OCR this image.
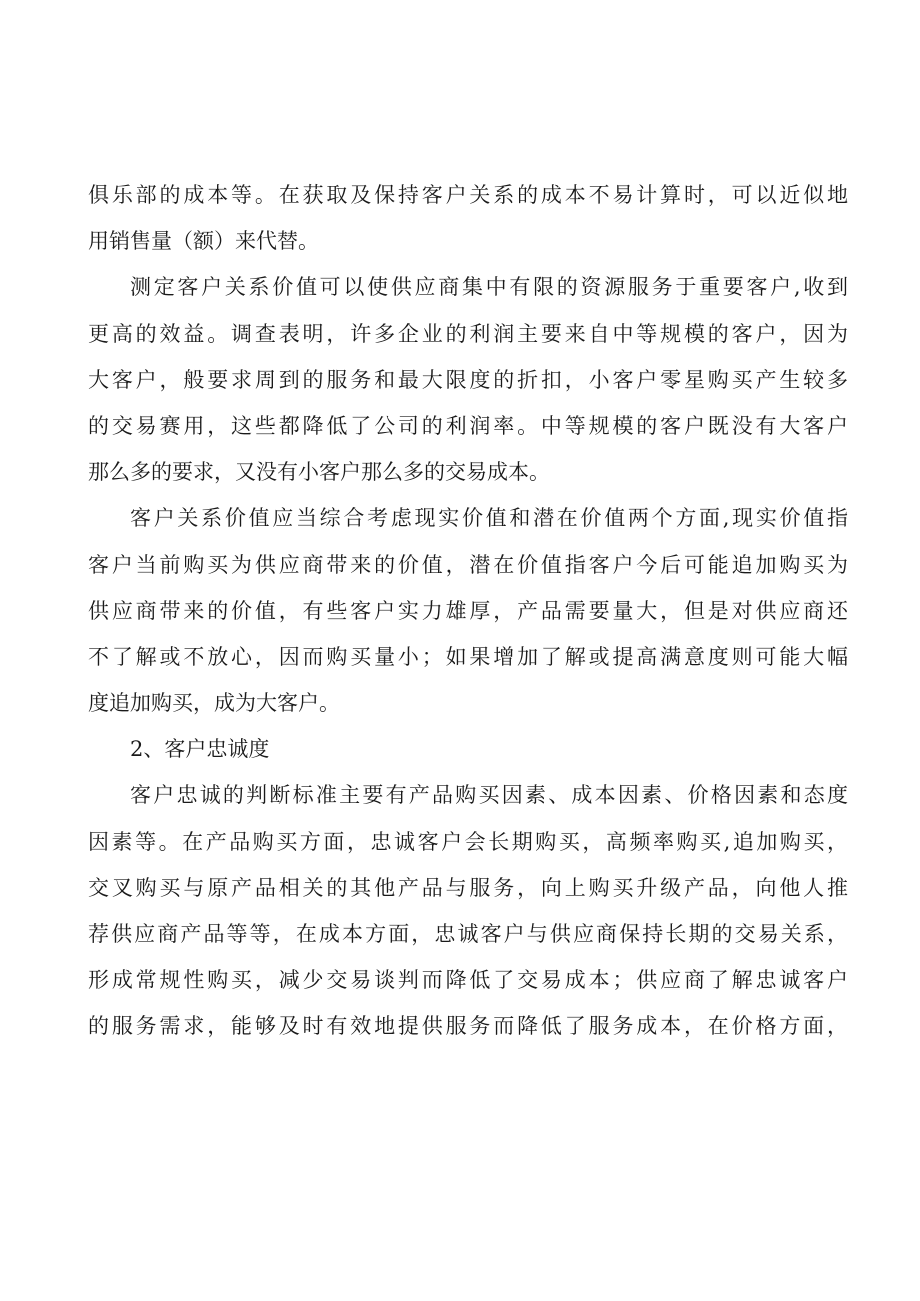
俱乐部的成本等。在获取及保持客户关系的成本不易计算时，可以近似地
用销售量（额）来代替。
测定客户关系价值可以使供应商集中有限的资源服务于重要客户,收到
更高的效益。调查表明，许多企业的利润主要来自中等规模的客户，因为
大客户，般要求周到的服务和最大限度的折扣，小客户零星购买产生较多
的交易赛用，这些都降低了公司的利润率。中等规模的客户既没有大客户
那么多的要求，又没有小客户那么多的交易成本。
客户关系价值应当综合考虑现实价值和潜在价值两个方面,现实价值指
客户当前购买为供应商带来的价值，潜在价值指客户今后可能追加购买为
供应商带来的价值，有些客户实力雄厚，产品需要量大，但是对供应商还
不了解或不放心，因而购买量小；如果增加了解或提高满意度则可能大幅
度追加购买，成为大客户。
2、客户忠诚度
客户忠诚的判断标准主要有产品购买因素、成本因素、价格因素和态度
因素等。在产品购买方面，忠诚客户会长期购买，高频率购买,追加购买，
交叉购买与原产品相关的其他产品与服务，向上购买升级产品，向他人推
荐供应商产品等等，在成本方面，忠诚客户与供应商保持长期的交易关系，
形成常规性购买，减少交易谈判而降低了交易成本；供应商了解忠诚客户
的服务需求，能够及时有效地提供服务而降低了服务成本，在价格方面，
